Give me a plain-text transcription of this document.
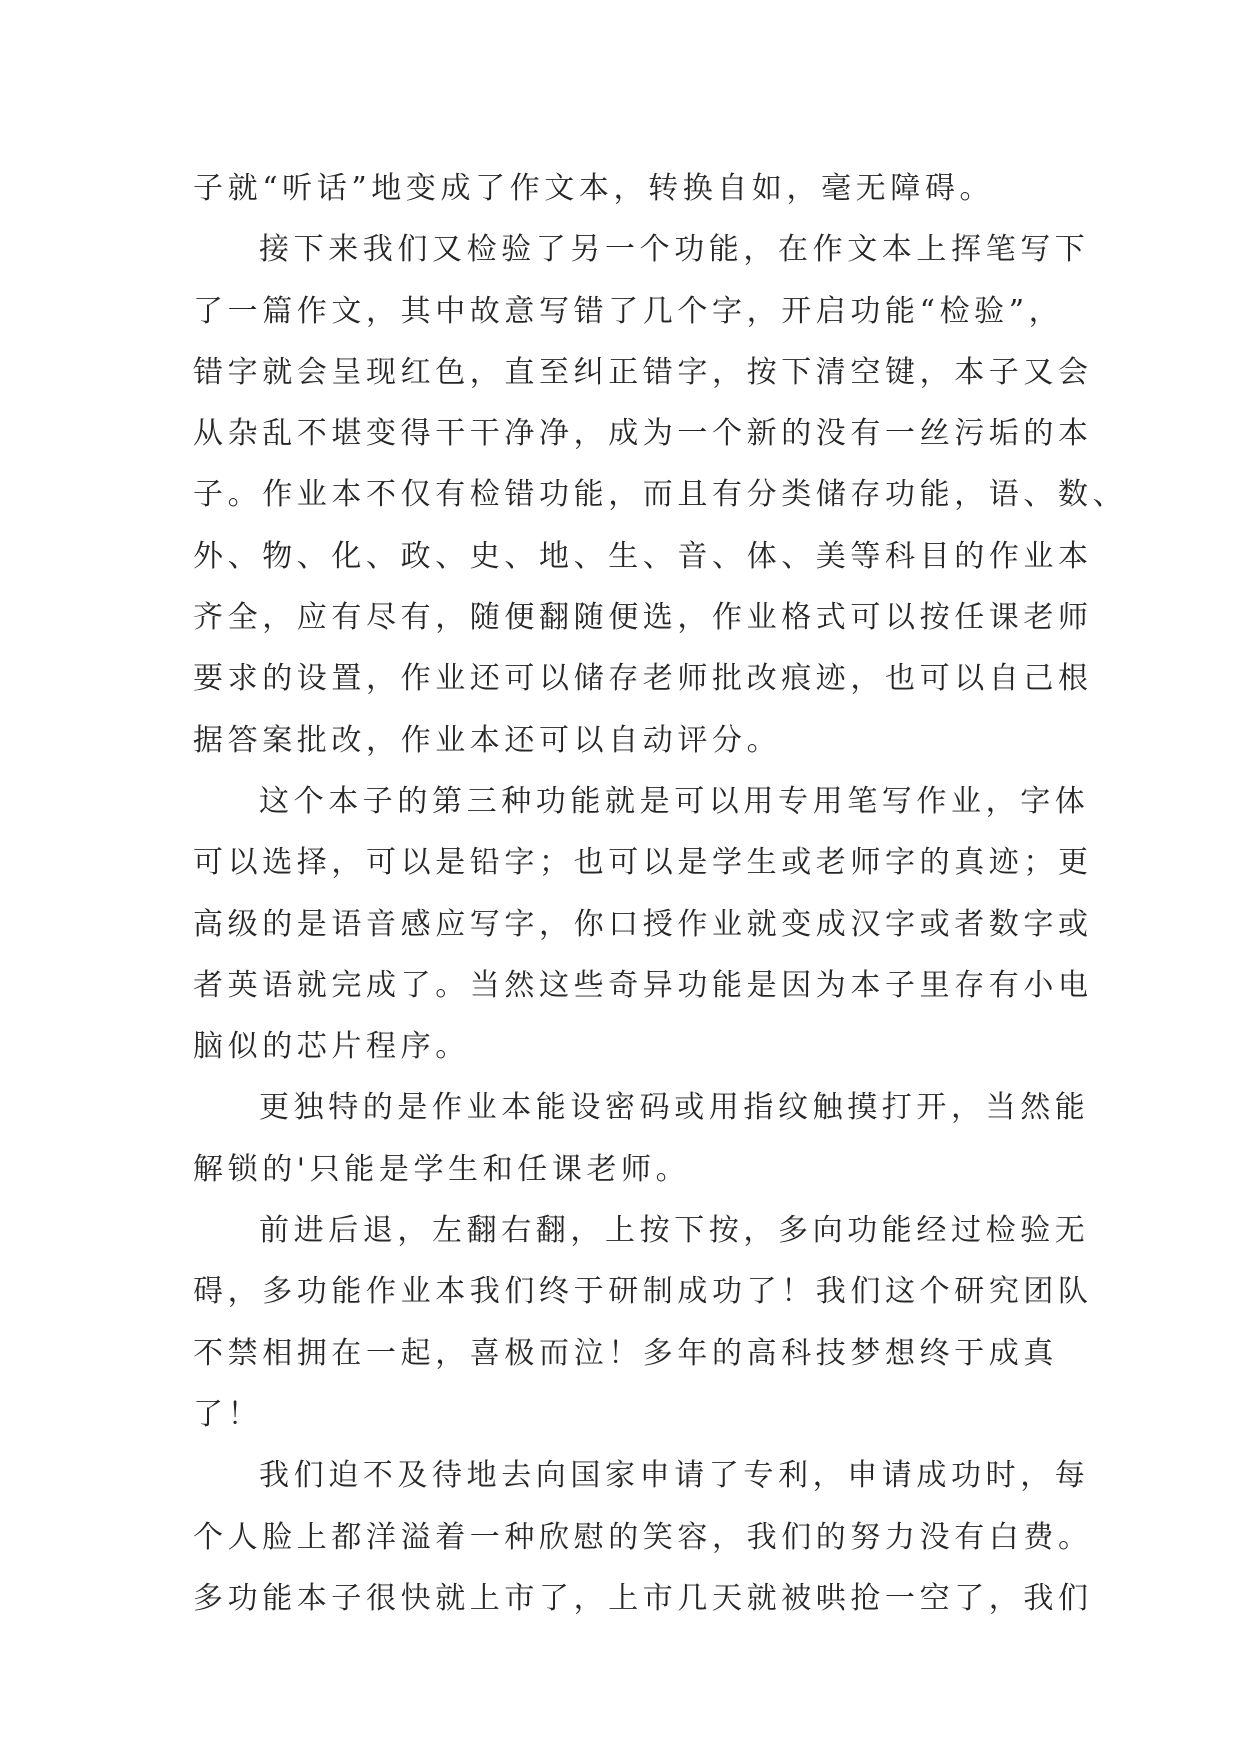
子就“听话”地变成了作文本，转换自如，毫无障碍。
接下来我们又检验了另一个功能，在作文本上挥笔写下
了一篇作文，其中故意写错了几个字，开启功能“检验”，
错字就会呈现红色，直至纠正错字，按下清空键，本子又会
从杂乱不堪变得干干净净，成为一个新的没有一丝污垢的本
子。作业本不仅有检错功能，而且有分类储存功能，语、数、
外、物、化、政、史、地、生、音、体、美等科目的作业本
齐全，应有尽有，随便翻随便选，作业格式可以按任课老师
要求的设置，作业还可以储存老师批改痕迹，也可以自己根
据答案批改，作业本还可以自动评分。
这个本子的第三种功能就是可以用专用笔写作业，字体
可以选择，可以是铅字；也可以是学生或老师字的真迹；更
高级的是语音感应写字，你口授作业就变成汉字或者数字或
者英语就完成了。当然这些奇异功能是因为本子里存有小电
脑似的芯片程序。
更独特的是作业本能设密码或用指纹触摸打开，当然能
解锁的'只能是学生和任课老师。
前进后退，左翻右翻，上按下按，多向功能经过检验无
碍，多功能作业本我们终于研制成功了！我们这个研究团队
不禁相拥在一起，喜极而泣！多年的高科技梦想终于成真
了！
我们迫不及待地去向国家申请了专利，申请成功时，每
个人脸上都洋溢着一种欣慰的笑容，我们的努力没有白费。
多功能本子很快就上市了，上市几天就被哄抢一空了，我们
